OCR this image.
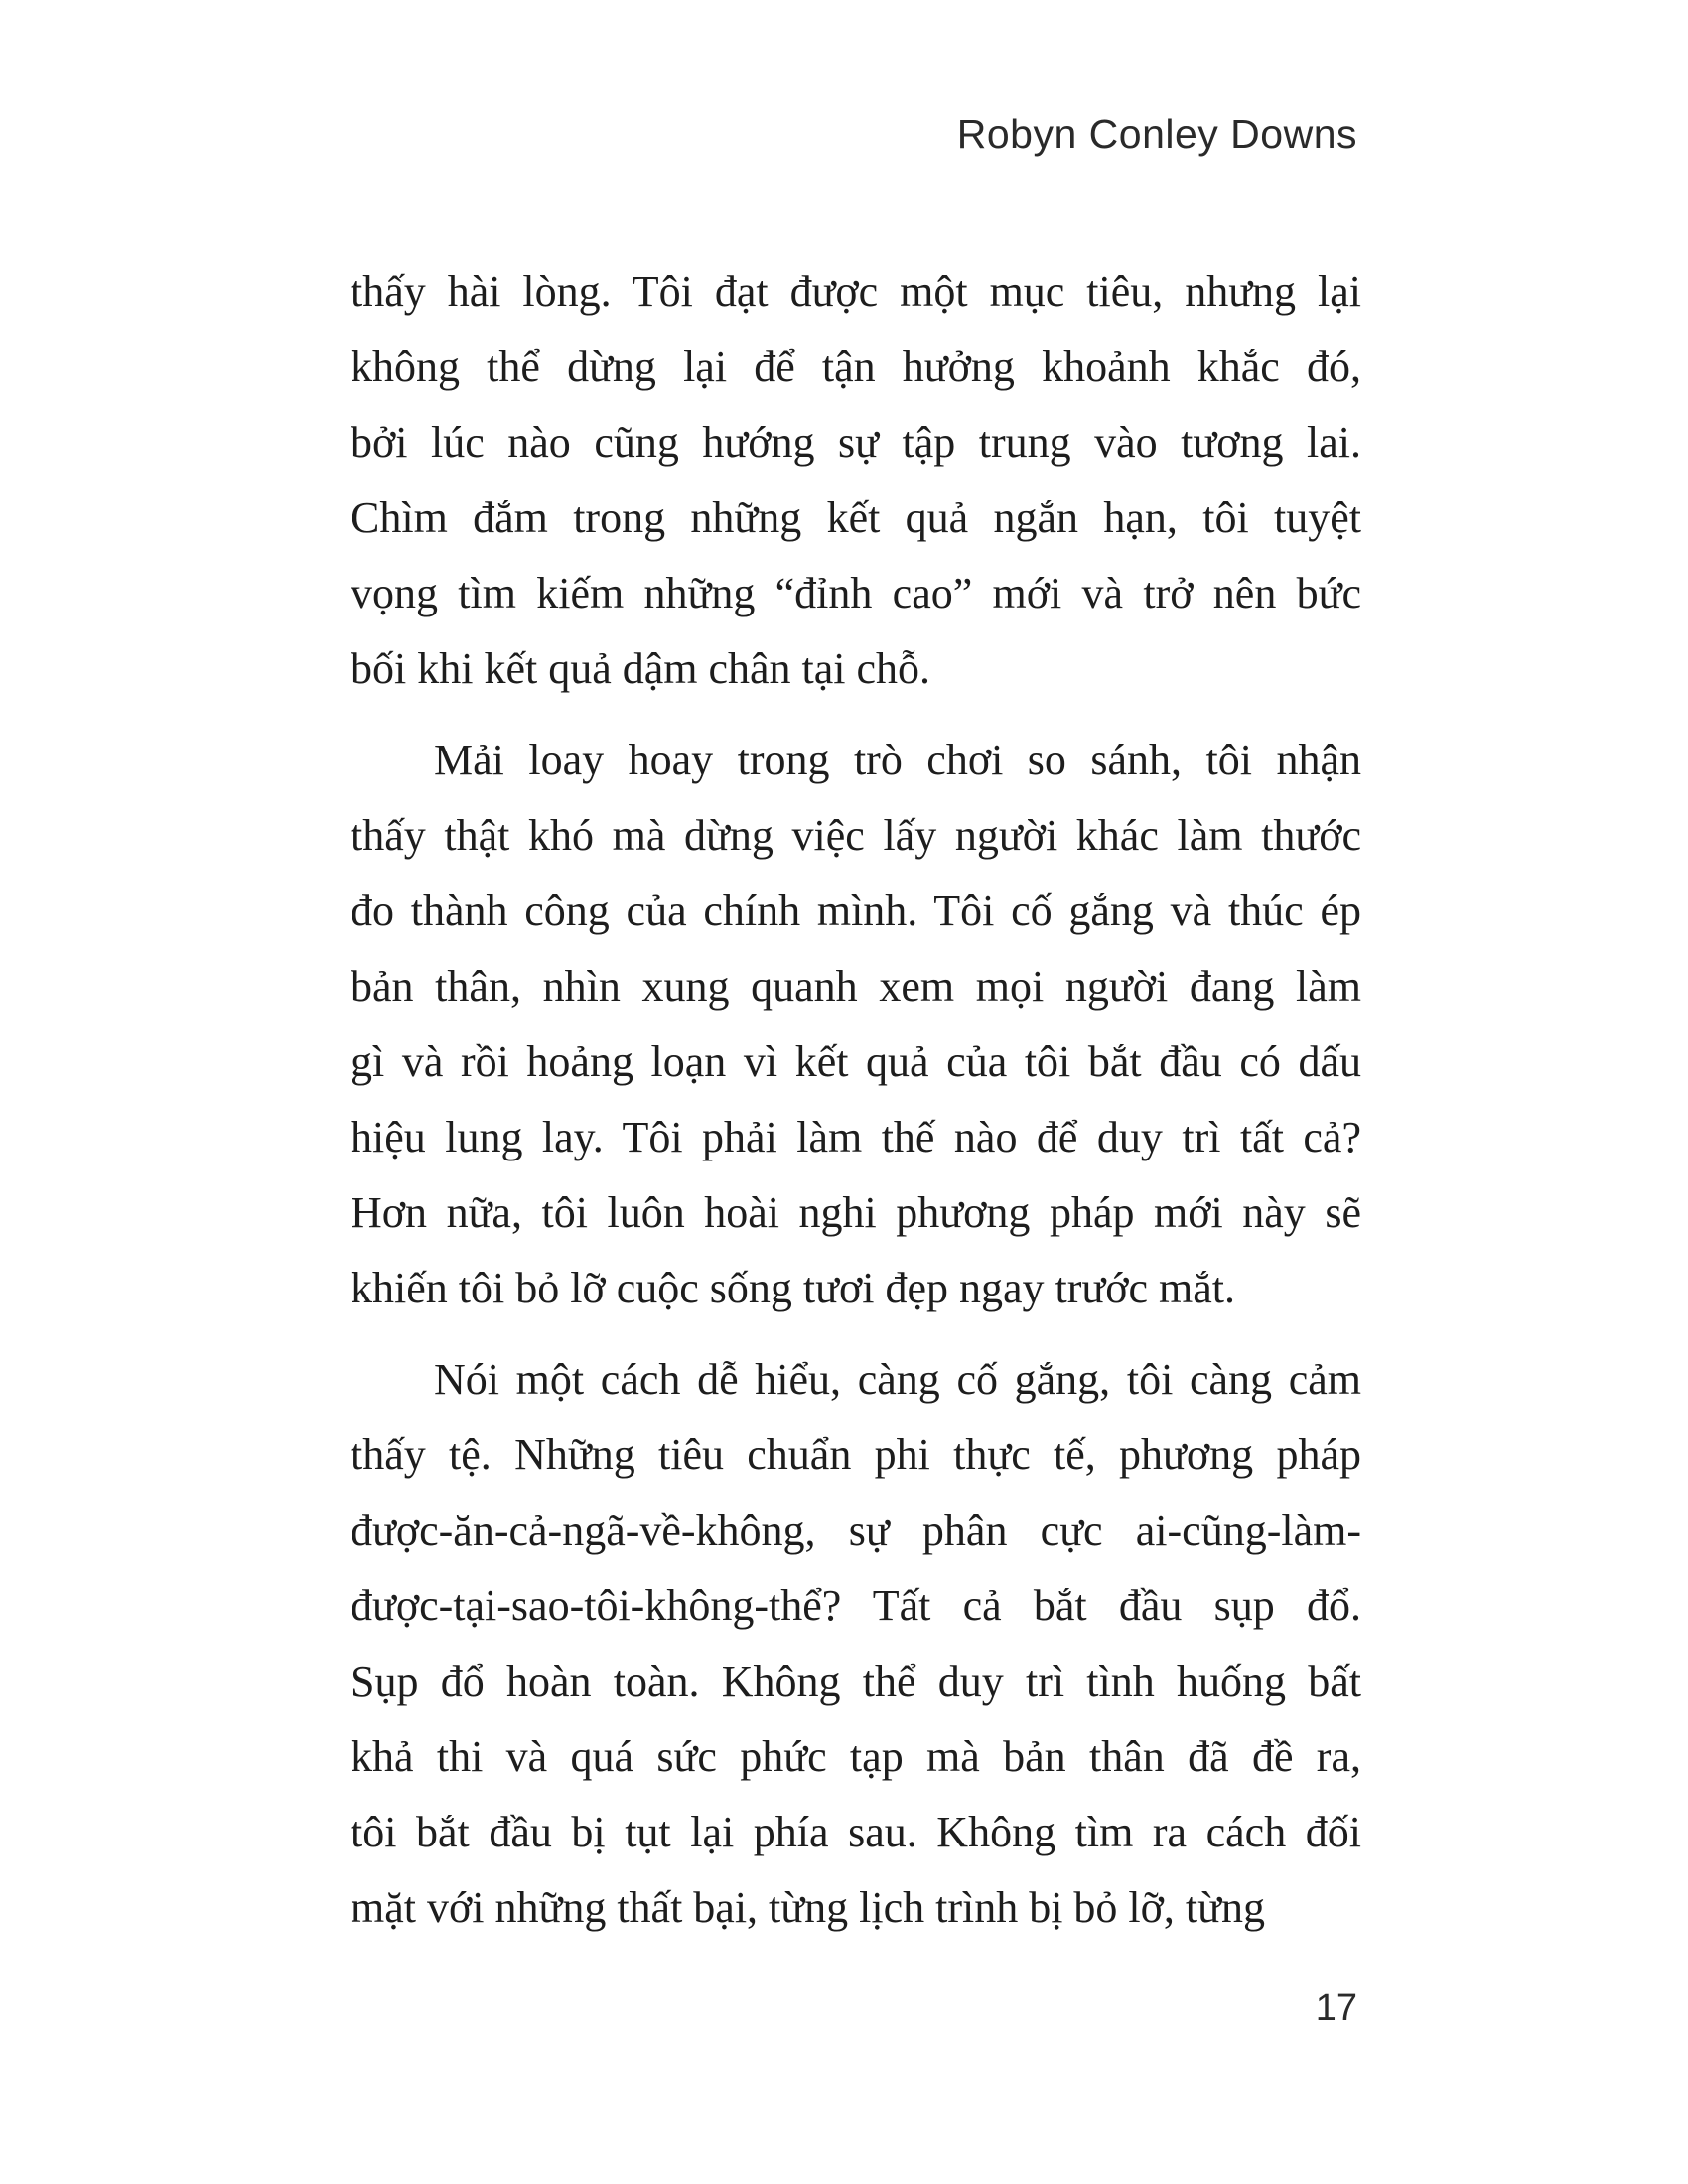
Robyn Conley Downs
thấy hài lòng. Tôi đạt được một mục tiêu, nhưng lại
không thể dừng lại để tận hưởng khoảnh khắc đó,
bởi lúc nào cũng hướng sự tập trung vào tương lai.
Chìm đắm trong những kết quả ngắn hạn, tôi tuyệt
vọng tìm kiếm những “đỉnh cao” mới và trở nên bức
bối khi kết quả dậm chân tại chỗ.
Mải loay hoay trong trò chơi so sánh, tôi nhận
thấy thật khó mà dừng việc lấy người khác làm thước
đo thành công của chính mình. Tôi cố gắng và thúc ép
bản thân, nhìn xung quanh xem mọi người đang làm
gì và rồi hoảng loạn vì kết quả của tôi bắt đầu có dấu
hiệu lung lay. Tôi phải làm thế nào để duy trì tất cả?
Hơn nữa, tôi luôn hoài nghi phương pháp mới này sẽ
khiến tôi bỏ lỡ cuộc sống tươi đẹp ngay trước mắt.
Nói một cách dễ hiểu, càng cố gắng, tôi càng cảm
thấy tệ. Những tiêu chuẩn phi thực tế, phương pháp
được-ăn-cả-ngã-về-không, sự phân cực ai-cũng-làm-
được-tại-sao-tôi-không-thể? Tất cả bắt đầu sụp đổ.
Sụp đổ hoàn toàn. Không thể duy trì tình huống bất
khả thi và quá sức phức tạp mà bản thân đã đề ra,
tôi bắt đầu bị tụt lại phía sau. Không tìm ra cách đối
mặt với những thất bại, từng lịch trình bị bỏ lỡ, từng
17
